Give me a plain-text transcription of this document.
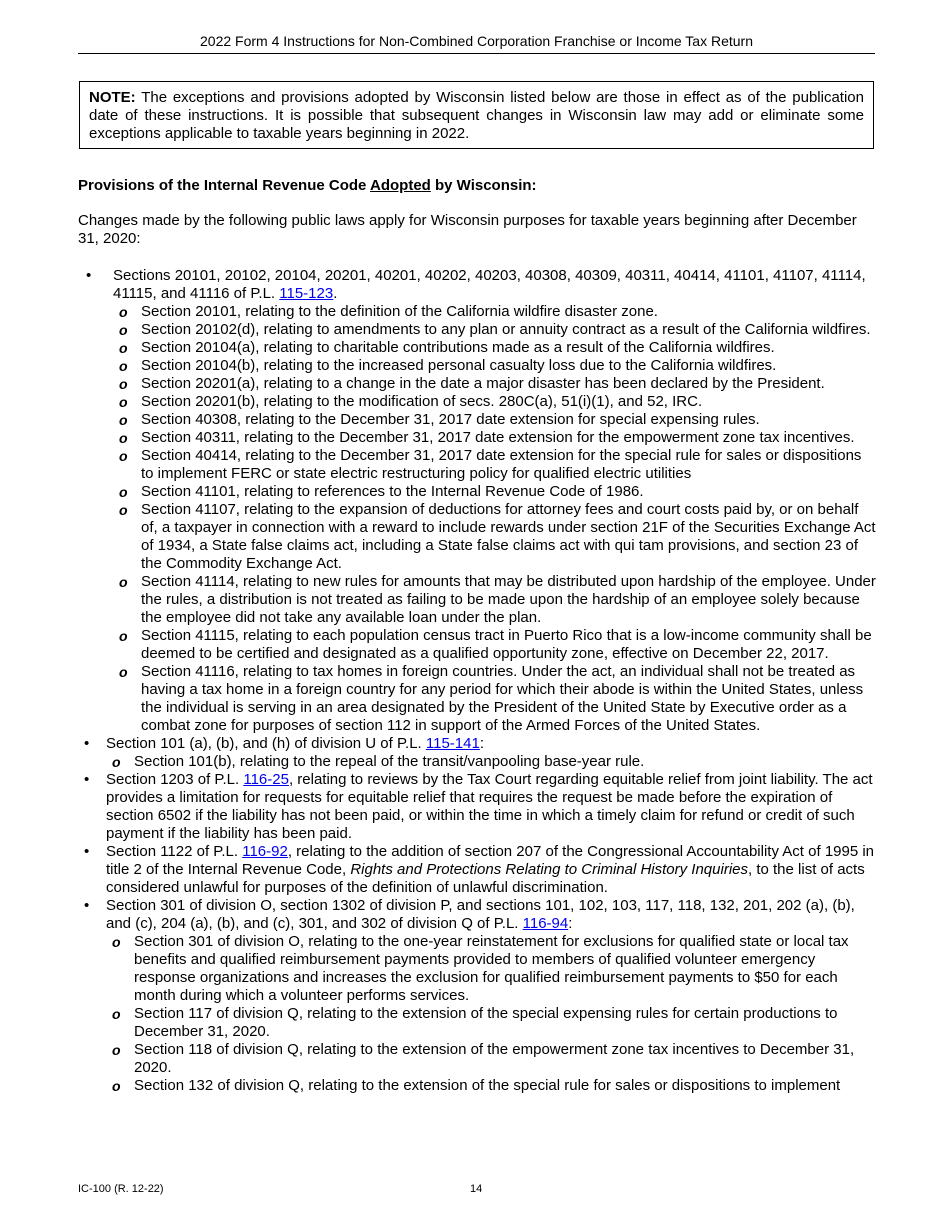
2022 Form 4 Instructions for Non-Combined Corporation Franchise or Income Tax Return
NOTE: The exceptions and provisions adopted by Wisconsin listed below are those in effect as of the publication date of these instructions. It is possible that subsequent changes in Wisconsin law may add or eliminate some exceptions applicable to taxable years beginning in 2022.
Provisions of the Internal Revenue Code Adopted by Wisconsin:
Changes made by the following public laws apply for Wisconsin purposes for taxable years beginning after December 31, 2020:
• Sections 20101, 20102, 20104, 20201, 40201, 40202, 40203, 40308, 40309, 40311, 40414, 41101, 41107, 41114, 41115, and 41116 of P.L. 115-123.
o Section 20101, relating to the definition of the California wildfire disaster zone.
o Section 20102(d), relating to amendments to any plan or annuity contract as a result of the California wildfires.
o Section 20104(a), relating to charitable contributions made as a result of the California wildfires.
o Section 20104(b), relating to the increased personal casualty loss due to the California wildfires.
o Section 20201(a), relating to a change in the date a major disaster has been declared by the President.
o Section 20201(b), relating to the modification of secs. 280C(a), 51(i)(1), and 52, IRC.
o Section 40308, relating to the December 31, 2017 date extension for special expensing rules.
o Section 40311, relating to the December 31, 2017 date extension for the empowerment zone tax incentives.
o Section 40414, relating to the December 31, 2017 date extension for the special rule for sales or dispositions to implement FERC or state electric restructuring policy for qualified electric utilities
o Section 41101, relating to references to the Internal Revenue Code of 1986.
o Section 41107, relating to the expansion of deductions for attorney fees and court costs paid by, or on behalf of, a taxpayer in connection with a reward to include rewards under section 21F of the Securities Exchange Act of 1934, a State false claims act, including a State false claims act with qui tam provisions, and section 23 of the Commodity Exchange Act.
o Section 41114, relating to new rules for amounts that may be distributed upon hardship of the employee. Under the rules, a distribution is not treated as failing to be made upon the hardship of an employee solely because the employee did not take any available loan under the plan.
o Section 41115, relating to each population census tract in Puerto Rico that is a low-income community shall be deemed to be certified and designated as a qualified opportunity zone, effective on December 22, 2017.
o Section 41116, relating to tax homes in foreign countries. Under the act, an individual shall not be treated as having a tax home in a foreign country for any period for which their abode is within the United States, unless the individual is serving in an area designated by the President of the United State by Executive order as a combat zone for purposes of section 112 in support of the Armed Forces of the United States.
• Section 101 (a), (b), and (h) of division U of P.L. 115-141:
o Section 101(b), relating to the repeal of the transit/vanpooling base-year rule.
• Section 1203 of P.L. 116-25, relating to reviews by the Tax Court regarding equitable relief from joint liability. The act provides a limitation for requests for equitable relief that requires the request be made before the expiration of section 6502 if the liability has not been paid, or within the time in which a timely claim for refund or credit of such payment if the liability has been paid.
• Section 1122 of P.L. 116-92, relating to the addition of section 207 of the Congressional Accountability Act of 1995 in title 2 of the Internal Revenue Code, Rights and Protections Relating to Criminal History Inquiries, to the list of acts considered unlawful for purposes of the definition of unlawful discrimination.
• Section 301 of division O, section 1302 of division P, and sections 101, 102, 103, 117, 118, 132, 201, 202 (a), (b), and (c), 204 (a), (b), and (c), 301, and 302 of division Q of P.L. 116-94:
o Section 301 of division O, relating to the one-year reinstatement for exclusions for qualified state or local tax benefits and qualified reimbursement payments provided to members of qualified volunteer emergency response organizations and increases the exclusion for qualified reimbursement payments to $50 for each month during which a volunteer performs services.
o Section 117 of division Q, relating to the extension of the special expensing rules for certain productions to December 31, 2020.
o Section 118 of division Q, relating to the extension of the empowerment zone tax incentives to December 31, 2020.
o Section 132 of division Q, relating to the extension of the special rule for sales or dispositions to implement
IC-100 (R. 12-22)	14
